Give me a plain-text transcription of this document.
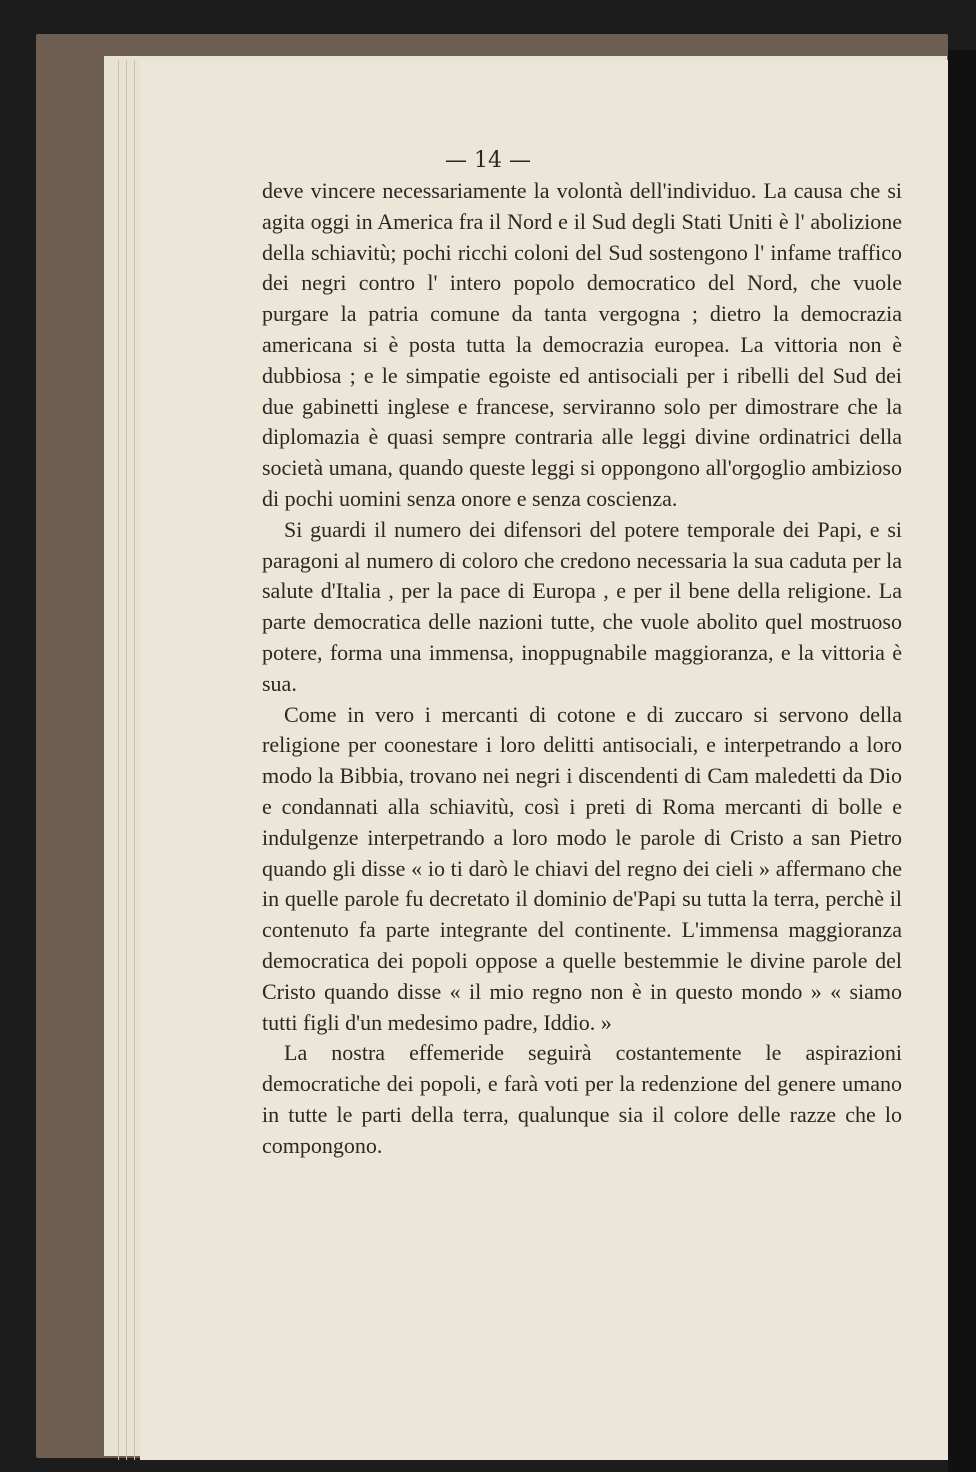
— 14 —

deve vincere necessariamente la volontà dell'individuo. La causa che si agita oggi in America fra il Nord e il Sud degli Stati Uniti è l' abolizione della schiavitù; pochi ricchi coloni del Sud sostengono l' infame traffico dei negri contro l' intero popolo democratico del Nord, che vuole purgare la patria comune da tanta vergogna ; dietro la democrazia americana si è posta tutta la democrazia europea. La vittoria non è dubbiosa ; e le simpatie egoiste ed antisociali per i ribelli del Sud dei due gabinetti inglese e francese, serviranno solo per dimostrare che la diplomazia è quasi sempre contraria alle leggi divine ordinatrici della società umana, quando queste leggi si oppongono all'orgoglio ambizioso di pochi uomini senza onore e senza coscienza.

Si guardi il numero dei difensori del potere temporale dei Papi, e si paragoni al numero di coloro che credono necessaria la sua caduta per la salute d'Italia , per la pace di Europa , e per il bene della religione. La parte democratica delle nazioni tutte, che vuole abolito quel mostruoso potere, forma una immensa, inoppugnabile maggioranza, e la vittoria è sua.

Come in vero i mercanti di cotone e di zuccaro si servono della religione per coonestare i loro delitti antisociali, e interpetrando a loro modo la Bibbia, trovano nei negri i discendenti di Cam maledetti da Dio e condannati alla schiavitù, così i preti di Roma mercanti di bolle e indulgenze interpetrando a loro modo le parole di Cristo a san Pietro quando gli disse « io ti darò le chiavi del regno dei cieli » affermano che in quelle parole fu decretato il dominio de'Papi su tutta la terra, perchè il contenuto fa parte integrante del continente. L'immensa maggioranza democratica dei popoli oppose a quelle bestemmie le divine parole del Cristo quando disse « il mio regno non è in questo mondo » « siamo tutti figli d'un medesimo padre, Iddio. »

La nostra effemeride seguirà costantemente le aspirazioni democratiche dei popoli, e farà voti per la redenzione del genere umano in tutte le parti della terra, qualunque sia il colore delle razze che lo compongono.
